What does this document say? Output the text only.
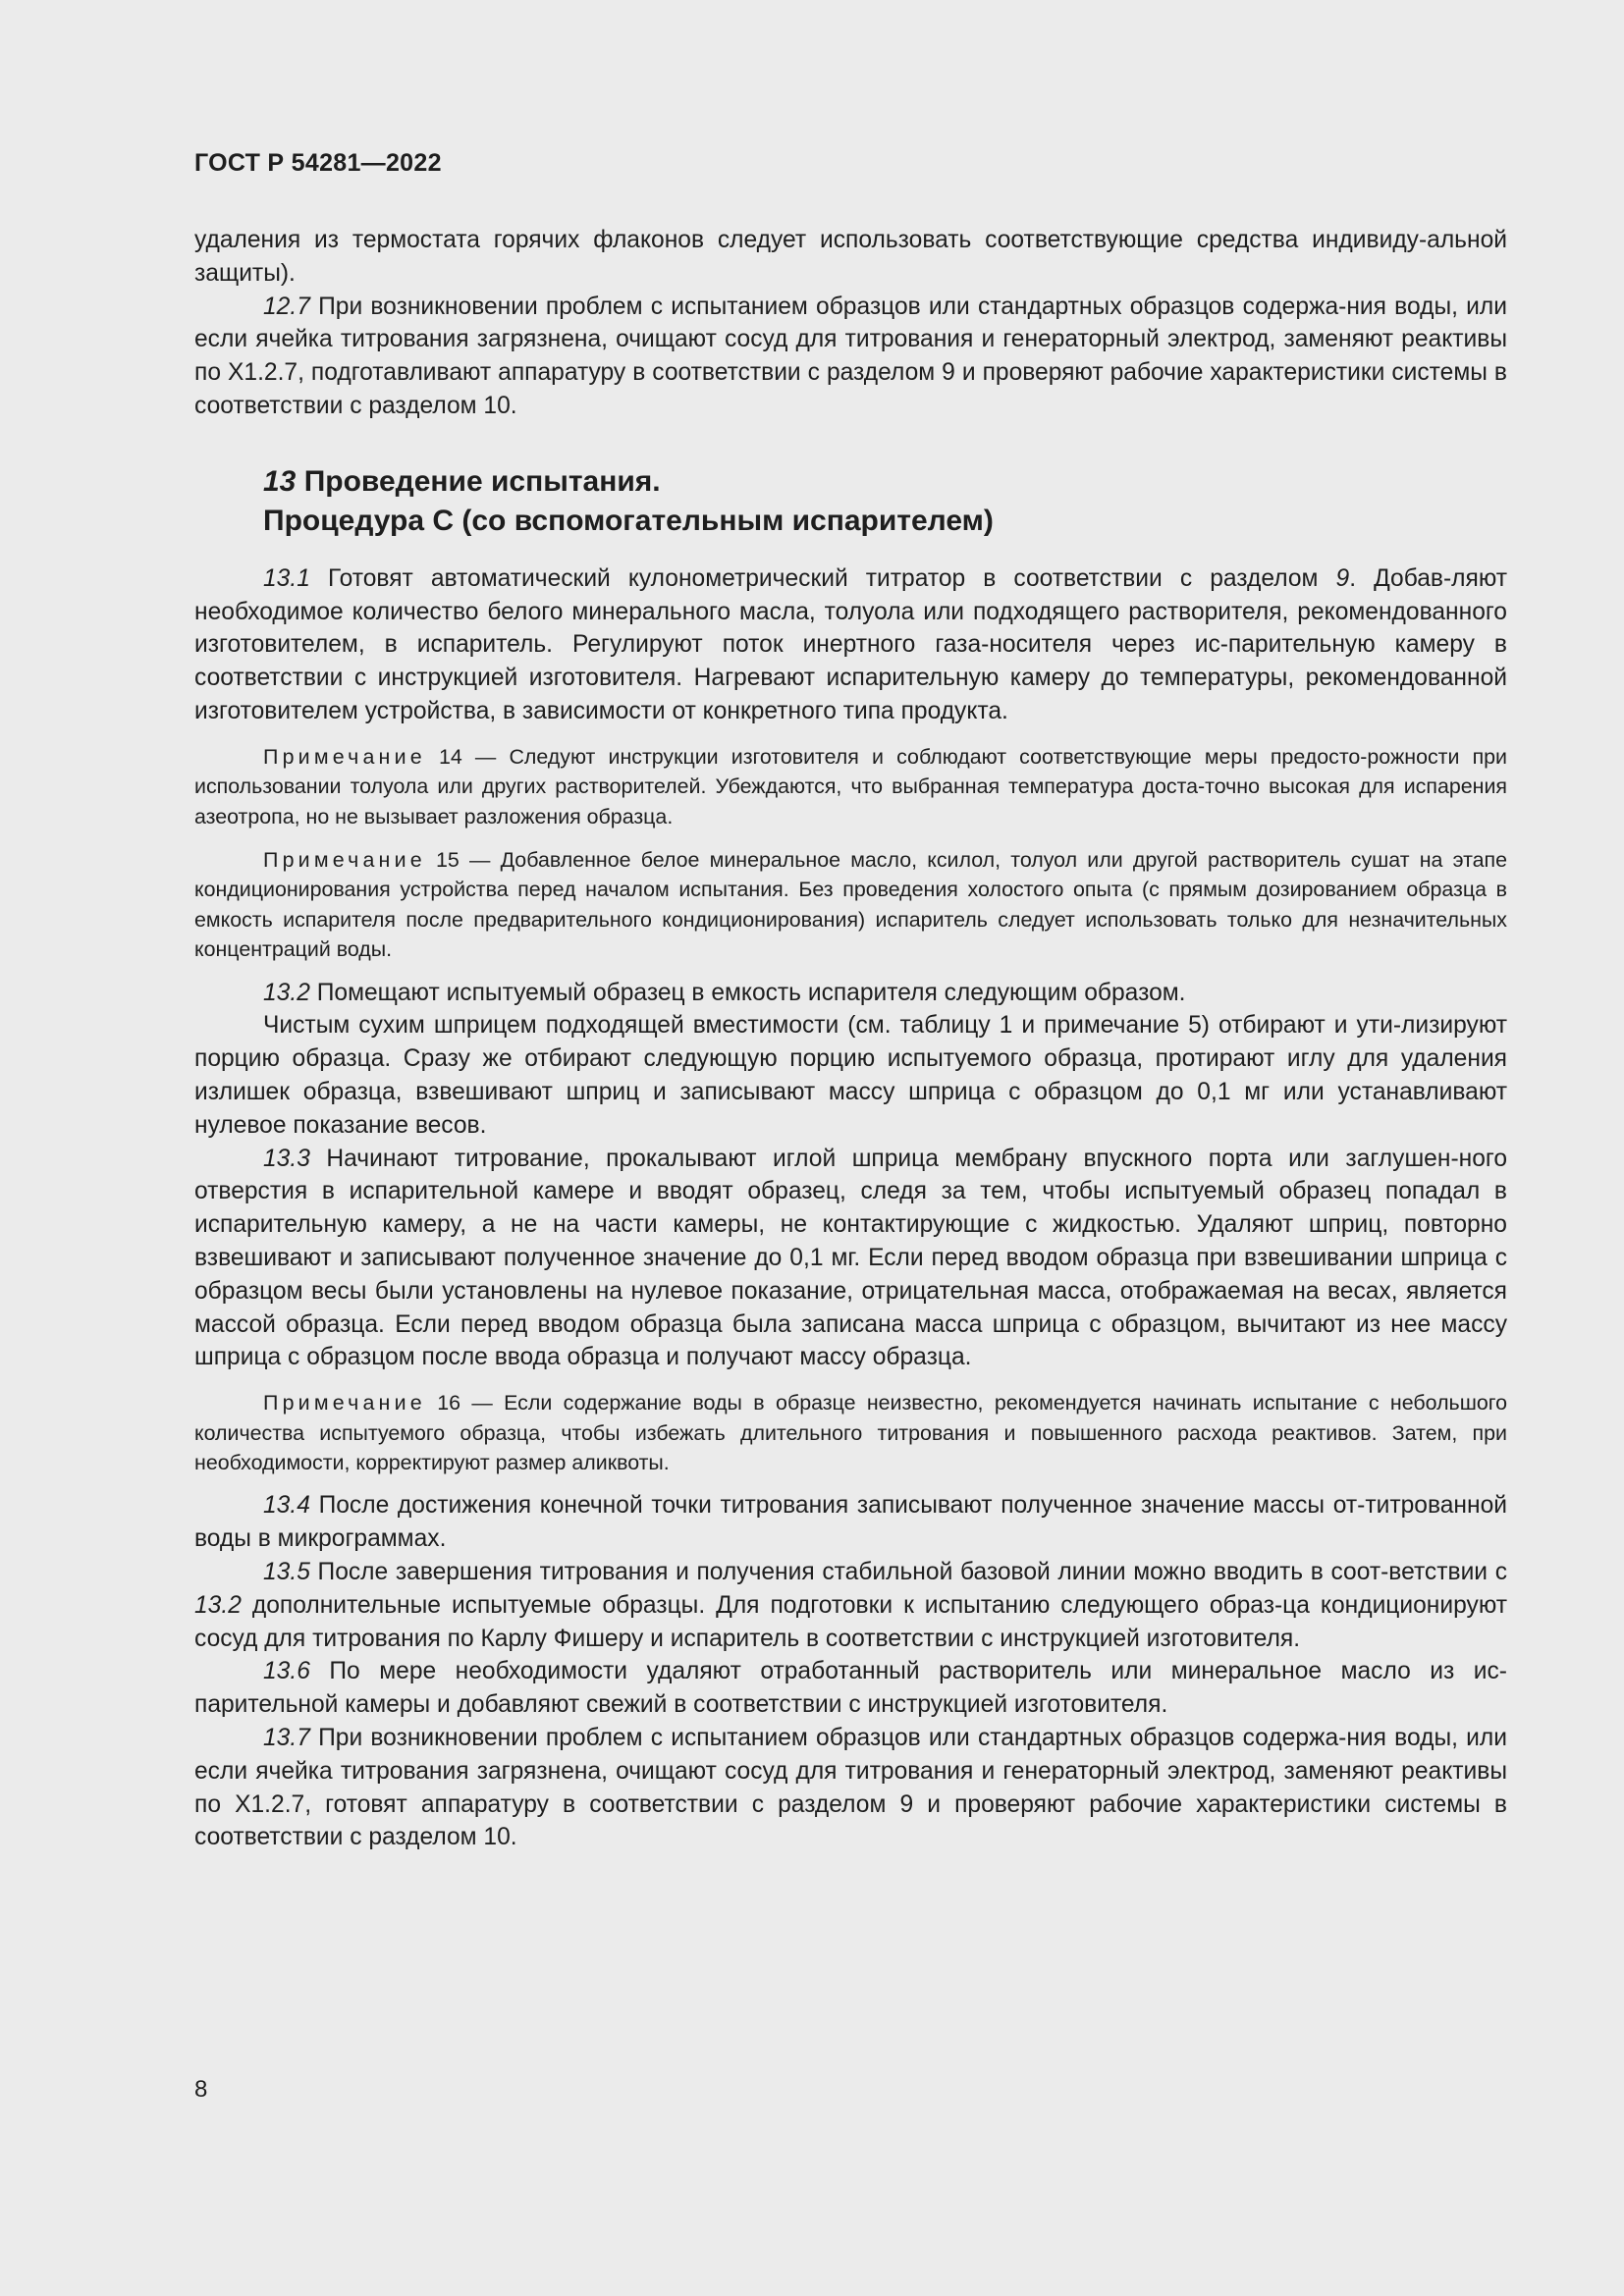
ГОСТ Р 54281—2022

удаления из термостата горячих флаконов следует использовать соответствующие средства индивиду-альной защиты).

12.7 При возникновении проблем с испытанием образцов или стандартных образцов содержа-ния воды, или если ячейка титрования загрязнена, очищают сосуд для титрования и генераторный электрод, заменяют реактивы по Х1.2.7, подготавливают аппаратуру в соответствии с разделом 9 и проверяют рабочие характеристики системы в соответствии с разделом 10.

13 Проведение испытания.
Процедура С (со вспомогательным испарителем)

13.1 Готовят автоматический кулонометрический титратор в соответствии с разделом 9. Добав-ляют необходимое количество белого минерального масла, толуола или подходящего растворителя, рекомендованного изготовителем, в испаритель. Регулируют поток инертного газа-носителя через ис-парительную камеру в соответствии с инструкцией изготовителя. Нагревают испарительную камеру до температуры, рекомендованной изготовителем устройства, в зависимости от конкретного типа продукта.

Примечание 14 — Следуют инструкции изготовителя и соблюдают соответствующие меры предосто-рожности при использовании толуола или других растворителей. Убеждаются, что выбранная температура доста-точно высокая для испарения азеотропа, но не вызывает разложения образца.
Примечание 15 — Добавленное белое минеральное масло, ксилол, толуол или другой растворитель сушат на этапе кондиционирования устройства перед началом испытания. Без проведения холостого опыта (с прямым дозированием образца в емкость испарителя после предварительного кондиционирования) испаритель следует использовать только для незначительных концентраций воды.

13.2 Помещают испытуемый образец в емкость испарителя следующим образом.

Чистым сухим шприцем подходящей вместимости (см. таблицу 1 и примечание 5) отбирают и ути-лизируют порцию образца. Сразу же отбирают следующую порцию испытуемого образца, протирают иглу для удаления излишек образца, взвешивают шприц и записывают массу шприца с образцом до 0,1 мг или устанавливают нулевое показание весов.

13.3 Начинают титрование, прокалывают иглой шприца мембрану впускного порта или заглушен-ного отверстия в испарительной камере и вводят образец, следя за тем, чтобы испытуемый образец попадал в испарительную камеру, а не на части камеры, не контактирующие с жидкостью. Удаляют шприц, повторно взвешивают и записывают полученное значение до 0,1 мг. Если перед вводом образца при взвешивании шприца с образцом весы были установлены на нулевое показание, отрицательная масса, отображаемая на весах, является массой образца. Если перед вводом образца была записана масса шприца с образцом, вычитают из нее массу шприца с образцом после ввода образца и получают массу образца.

Примечание 16 — Если содержание воды в образце неизвестно, рекомендуется начинать испытание с небольшого количества испытуемого образца, чтобы избежать длительного титрования и повышенного расхода реактивов. Затем, при необходимости, корректируют размер аликвоты.

13.4 После достижения конечной точки титрования записывают полученное значение массы от-титрованной воды в микрограммах.

13.5 После завершения титрования и получения стабильной базовой линии можно вводить в соот-ветствии с 13.2 дополнительные испытуемые образцы. Для подготовки к испытанию следующего образ-ца кондиционируют сосуд для титрования по Карлу Фишеру и испаритель в соответствии с инструкцией изготовителя.

13.6 По мере необходимости удаляют отработанный растворитель или минеральное масло из ис-парительной камеры и добавляют свежий в соответствии с инструкцией изготовителя.

13.7 При возникновении проблем с испытанием образцов или стандартных образцов содержа-ния воды, или если ячейка титрования загрязнена, очищают сосуд для титрования и генераторный электрод, заменяют реактивы по Х1.2.7, готовят аппаратуру в соответствии с разделом 9 и проверяют рабочие характеристики системы в соответствии с разделом 10.

8
